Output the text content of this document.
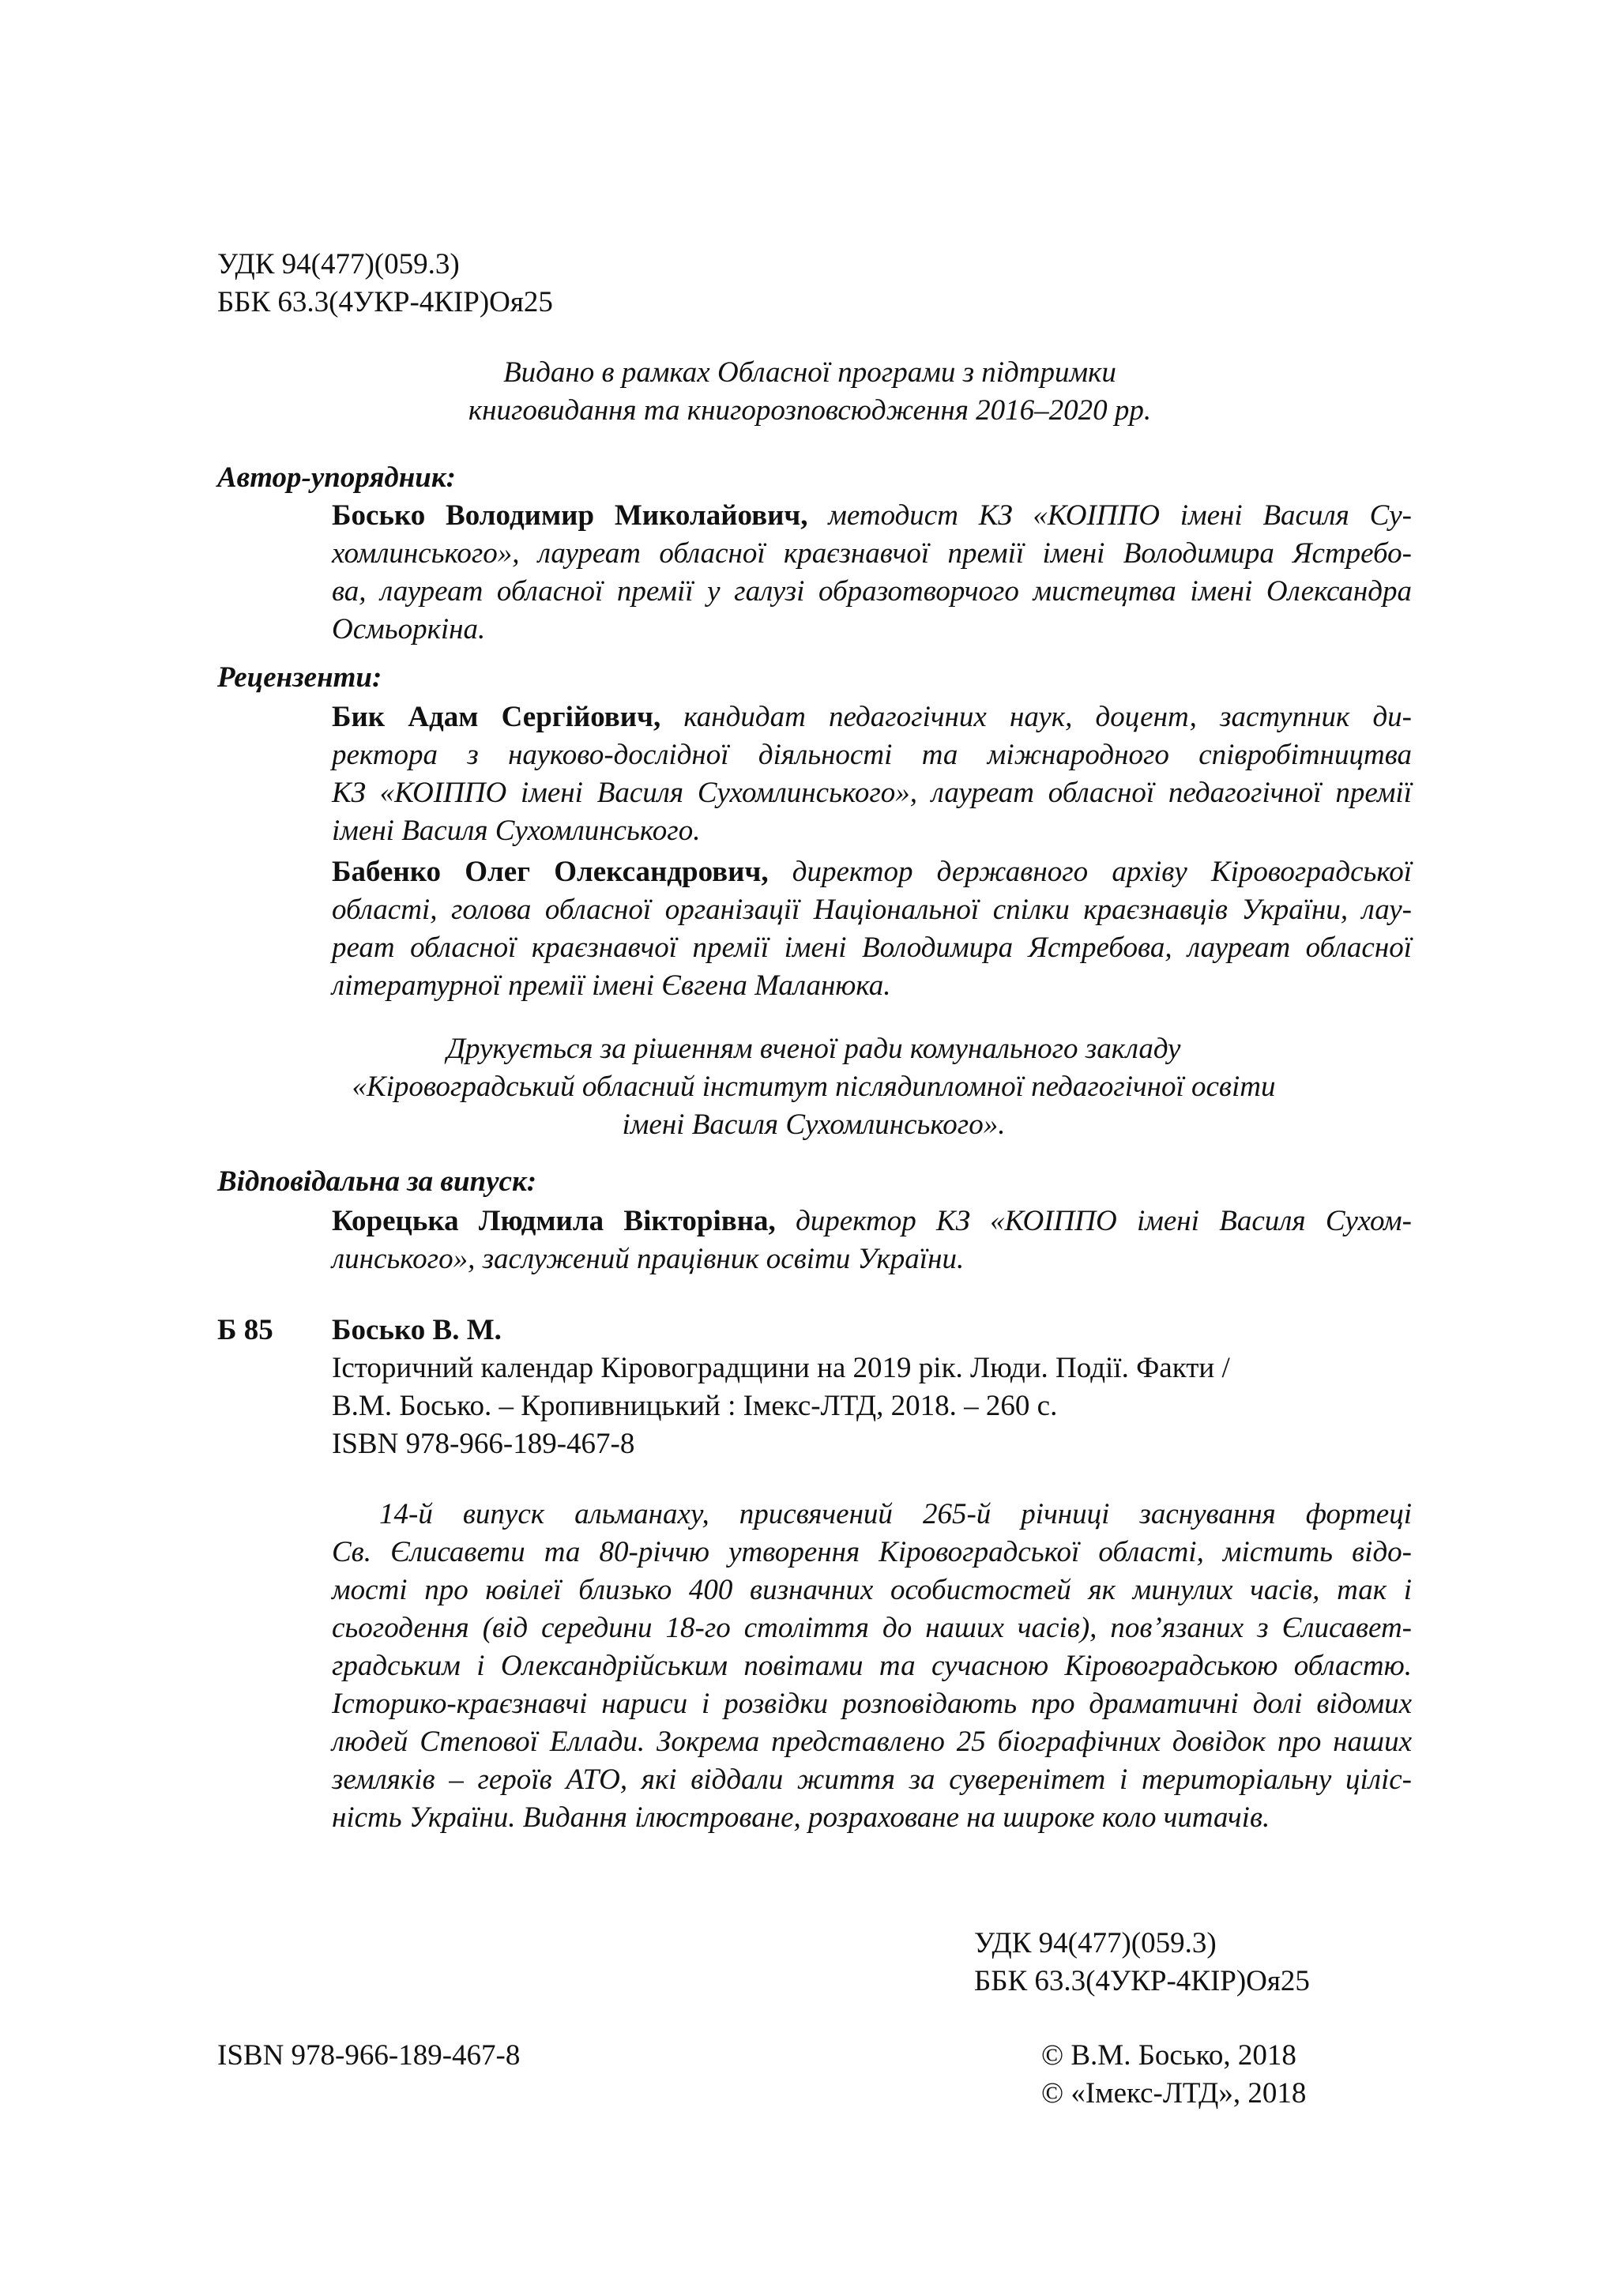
УДК 94(477)(059.3)
ББК 63.3(4УКР-4КІР)Оя25
Видано в рамках Обласної програми з підтримки
книговидання та книгорозповсюдження 2016–2020 рр.
Автор-упорядник:
Бoсько Володимир Миколайович, методист КЗ «КОІППО імені Василя Су-
хомлинського», лауреат обласної краєзнавчої премії імені Володимира Ястребо-
ва, лауреат обласної премії у галузі образотворчого мистецтва імені Олександра
Осмьоркіна.
Рецензенти:
Бик Адам Сергійович, кандидат педагогічних наук, доцент, заступник ди-
ректора з науково-дослідної діяльності та міжнародного співробітництва
КЗ «КОІППО імені Василя Сухомлинського», лауреат обласної педагогічної премії
імені Василя Сухомлинського.
Бабенко Олег Олександрович, директор державного архіву Кіровоградської
області, голова обласної організації Національної спілки краєзнавців України, лау-
реат обласної краєзнавчої премії імені Володимира Ястребова, лауреат обласної
літературної премії імені Євгена Маланюка.
Друкується за рішенням вченої ради комунального закладу
«Кіровоградський обласний інститут післядипломної педагогічної освіти
імені Василя Сухомлинського».
Відповідальна за випуск:
Корецька Людмила Вікторівна, директор КЗ «КОІППО імені Василя Сухом-
линського», заслужений працівник освіти України.
Б 85 Бoсько В. М.
Історичний календар Кіровоградщини на 2019 рік. Люди. Події. Факти /
В.М. Бoсько. – Кропивницький : Імекс-ЛТД, 2018. – 260 с.
ISBN 978-966-189-467-8
14-й випуск альманаху, присвячений 265-й річниці заснування фортеці
Св. Єлисавети та 80-річчю утворення Кіровоградської області, містить відо-
мості про ювілеї близько 400 визначних особистостей як минулих часів, так і
сьогодення (від середини 18-го століття до наших часів), пов’язаних з Єлисавет-
градським і Олександрійським повітами та сучасною Кіровоградською областю.
Історико-краєзнавчі нариси і розвідки розповідають про драматичні долі відомих
людей Степової Еллади. Зокрема представлено 25 біографічних довідок про наших
земляків – героїв АТО, які віддали життя за суверенітет і територіальну ціліс-
ність України. Видання ілюстроване, розраховане на широке коло читачів.
УДК 94(477)(059.3)
ББК 63.3(4УКР-4КІР)Оя25
ISBN 978-966-189-467-8	© В.М. Бoсько, 2018
© «Імекс-ЛТД», 2018
